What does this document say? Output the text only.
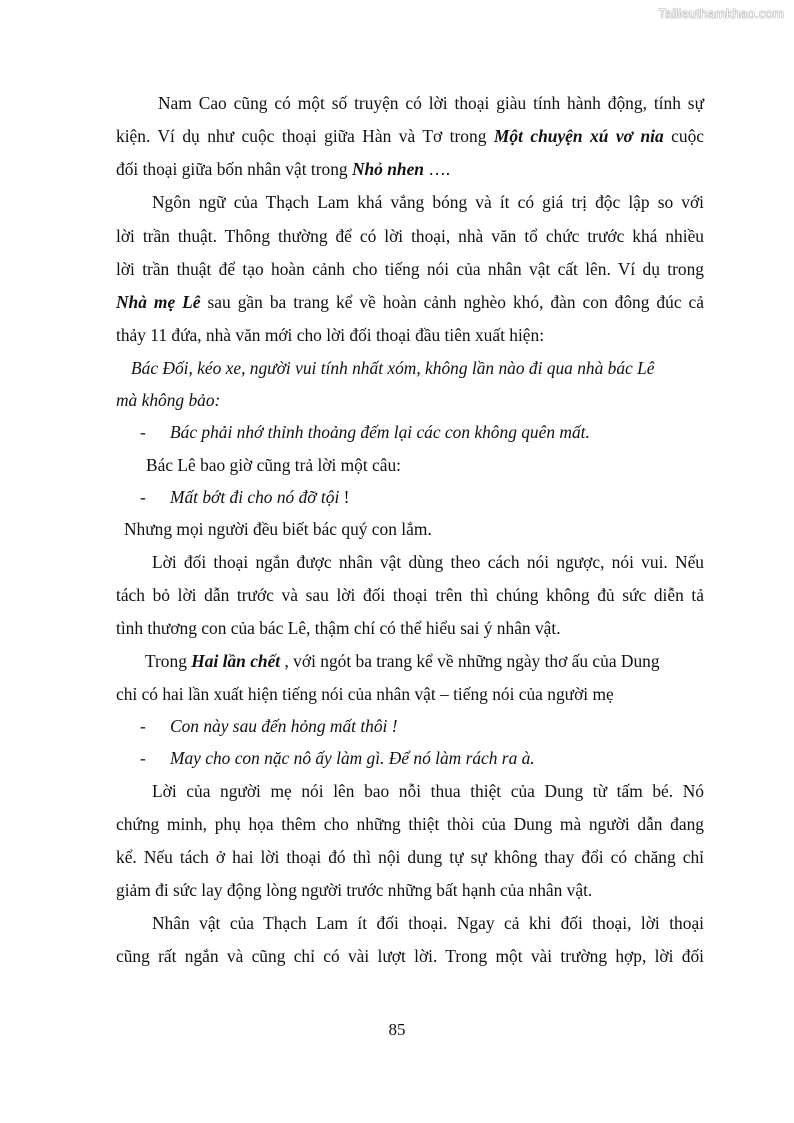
Tailieuthamkhao.com
Nam Cao cũng có một số truyện có lời thoại giàu tính hành động, tính sự
kiện. Ví dụ như cuộc thoại giữa Hàn và Tơ trong Một chuyện xú vơ nia cuộc
đối thoại giữa bốn nhân vật trong Nhỏ nhen ….
Ngôn ngữ của Thạch Lam khá vắng bóng và ít có giá trị độc lập so với
lời trần thuật. Thông thường để có lời thoại, nhà văn tổ chức trước khá nhiều
lời trần thuật để tạo hoàn cảnh cho tiếng nói của nhân vật cất lên. Ví dụ trong
Nhà mẹ Lê sau gần ba trang kể về hoàn cảnh nghèo khó, đàn con đông đúc cả
thảy 11 đứa, nhà văn mới cho lời đối thoại đầu tiên xuất hiện:
Bác Đối, kéo xe, người vui tính nhất xóm, không lần nào đi qua nhà bác Lê
mà không bảo:
- Bác phải nhớ thỉnh thoảng đếm lại các con không quên mất.
Bác Lê bao giờ cũng trả lời một câu:
- Mất bớt đi cho nó đỡ tội !
Nhưng mọi người đều biết bác quý con lắm.
Lời đối thoại ngắn được nhân vật dùng theo cách nói ngược, nói vui. Nếu
tách bỏ lời dẫn trước và sau lời đối thoại trên thì chúng không đủ sức diễn tả
tình thương con của bác Lê, thậm chí có thể hiểu sai ý nhân vật.
Trong Hai lần chết , với ngót ba trang kể về những ngày thơ ấu của Dung
chỉ có hai lần xuất hiện tiếng nói của nhân vật – tiếng nói của người mẹ
- Con này sau đến hỏng mất thôi !
- May cho con nặc nô ấy làm gì. Để nó làm rách ra à.
Lời của người mẹ nói lên bao nỗi thua thiệt của Dung từ tấm bé. Nó
chứng minh, phụ họa thêm cho những thiệt thòi của Dung mà người dẫn đang
kể. Nếu tách ở hai lời thoại đó thì nội dung tự sự không thay đổi có chăng chỉ
giảm đi sức lay động lòng người trước những bất hạnh của nhân vật.
Nhân vật của Thạch Lam ít đối thoại. Ngay cả khi đối thoại, lời thoại
cũng rất ngắn và cũng chỉ có vài lượt lời. Trong một vài trường hợp, lời đối
85
